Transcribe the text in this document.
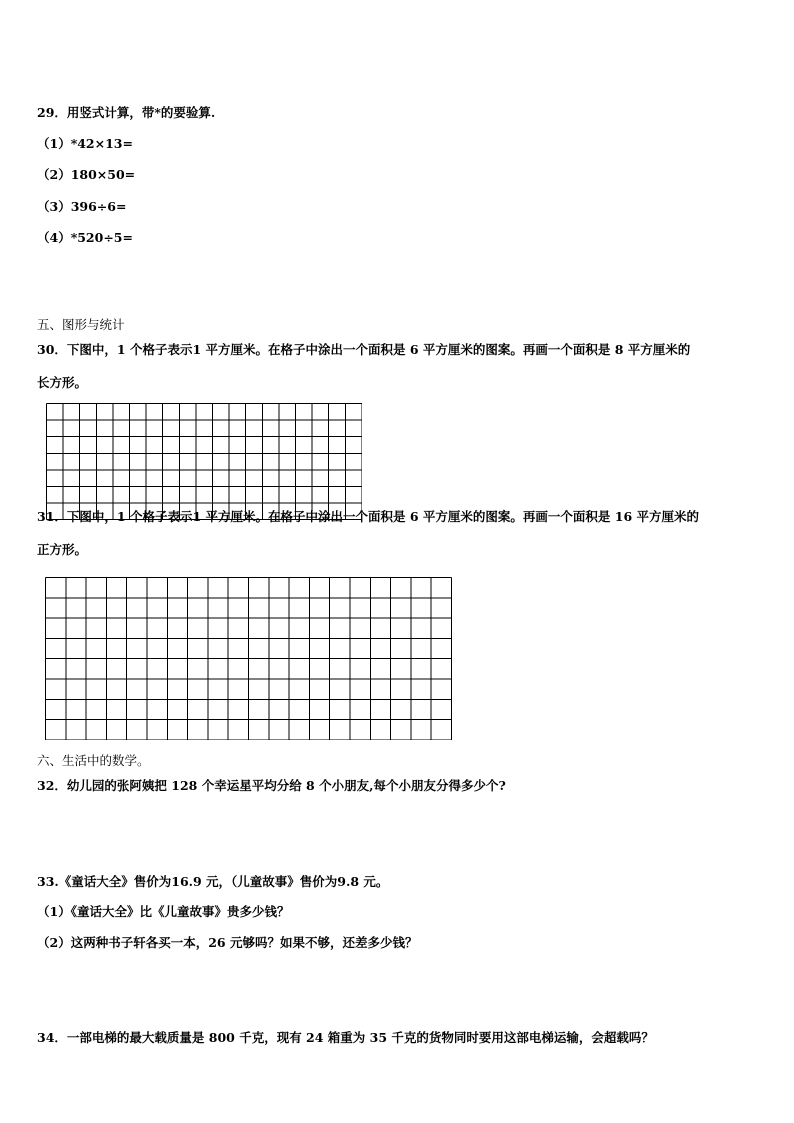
29．用竖式计算，带*的要验算.
（1）*42×13=
（2）180×50=
（3）396÷6=
（4）*520÷5=
五、图形与统计
30．下图中，1 个格子表示1 平方厘米。在格子中涂出一个面积是 6 平方厘米的图案。再画一个面积是 8 平方厘米的
长方形。
31．下图中，1 个格子表示1 平方厘米。在格子中涂出一个面积是 6 平方厘米的图案。再画一个面积是 16 平方厘米的
正方形。
六、生活中的数学。
32．幼儿园的张阿姨把 128 个幸运星平均分给 8 个小朋友,每个小朋友分得多少个?
33.《童话大全》售价为16.9 元，（儿童故事》售价为9.8 元。
（1）《童话大全》比《儿童故事》贵多少钱？
（2）这两种书子轩各买一本，26 元够吗？如果不够，还差多少钱？
34．一部电梯的最大载质量是 800 千克，现有 24 箱重为 35 千克的货物同时要用这部电梯运输，会超载吗？
